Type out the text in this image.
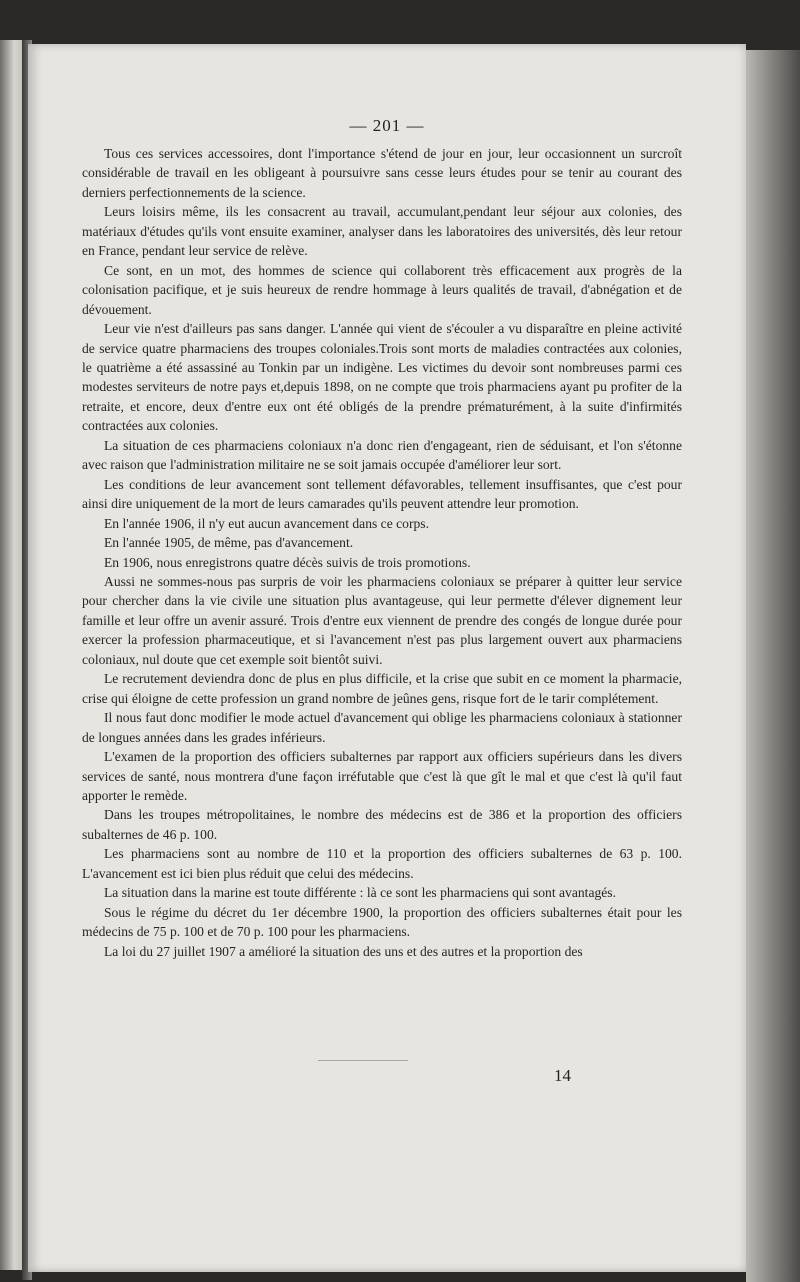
— 201 —

Tous ces services accessoires, dont l'importance s'étend de jour en jour, leur occasionnent un surcroît considérable de travail en les obligeant à poursuivre sans cesse leurs études pour se tenir au courant des derniers perfectionnements de la science.

Leurs loisirs même, ils les consacrent au travail, accumulant,pendant leur séjour aux colonies, des matériaux d'études qu'ils vont ensuite examiner, analyser dans les laboratoires des universités, dès leur retour en France, pendant leur service de relève.

Ce sont, en un mot, des hommes de science qui collaborent très efficacement aux progrès de la colonisation pacifique, et je suis heureux de rendre hommage à leurs qualités de travail, d'abnégation et de dévouement.

Leur vie n'est d'ailleurs pas sans danger. L'année qui vient de s'écouler a vu disparaître en pleine activité de service quatre pharmaciens des troupes coloniales.Trois sont morts de maladies contractées aux colonies, le quatrième a été assassiné au Tonkin par un indigène. Les victimes du devoir sont nombreuses parmi ces modestes serviteurs de notre pays et,depuis 1898, on ne compte que trois pharmaciens ayant pu profiter de la retraite, et encore, deux d'entre eux ont été obligés de la prendre prématurément, à la suite d'infirmités contractées aux colonies.

La situation de ces pharmaciens coloniaux n'a donc rien d'engageant, rien de séduisant, et l'on s'étonne avec raison que l'administration militaire ne se soit jamais occupée d'améliorer leur sort.

Les conditions de leur avancement sont tellement défavorables, tellement insuffisantes, que c'est pour ainsi dire uniquement de la mort de leurs camarades qu'ils peuvent attendre leur promotion.

En l'année 1906, il n'y eut aucun avancement dans ce corps.

En l'année 1905, de même, pas d'avancement.

En 1906, nous enregistrons quatre décès suivis de trois promotions.

Aussi ne sommes-nous pas surpris de voir les pharmaciens coloniaux se préparer à quitter leur service pour chercher dans la vie civile une situation plus avantageuse, qui leur permette d'élever dignement leur famille et leur offre un avenir assuré. Trois d'entre eux viennent de prendre des congés de longue durée pour exercer la profession pharmaceutique, et si l'avancement n'est pas plus largement ouvert aux pharmaciens coloniaux, nul doute que cet exemple soit bientôt suivi.

Le recrutement deviendra donc de plus en plus difficile, et la crise que subit en ce moment la pharmacie, crise qui éloigne de cette profession un grand nombre de jeûnes gens, risque fort de le tarir complétement.

Il nous faut donc modifier le mode actuel d'avancement qui oblige les pharmaciens coloniaux à stationner de longues années dans les grades inférieurs.

L'examen de la proportion des officiers subalternes par rapport aux officiers supérieurs dans les divers services de santé, nous montrera d'une façon irréfutable que c'est là que gît le mal et que c'est là qu'il faut apporter le remède.

Dans les troupes métropolitaines, le nombre des médecins est de 386 et la proportion des officiers subalternes de 46 p. 100.

Les pharmaciens sont au nombre de 110 et la proportion des officiers subalternes de 63 p. 100. L'avancement est ici bien plus réduit que celui des médecins.

La situation dans la marine est toute différente : là ce sont les pharmaciens qui sont avantagés.

Sous le régime du décret du 1er décembre 1900, la proportion des officiers subalternes était pour les médecins de 75 p. 100 et de 70 p. 100 pour les pharmaciens.

La loi du 27 juillet 1907 a amélioré la situation des uns et des autres et la proportion des

14
